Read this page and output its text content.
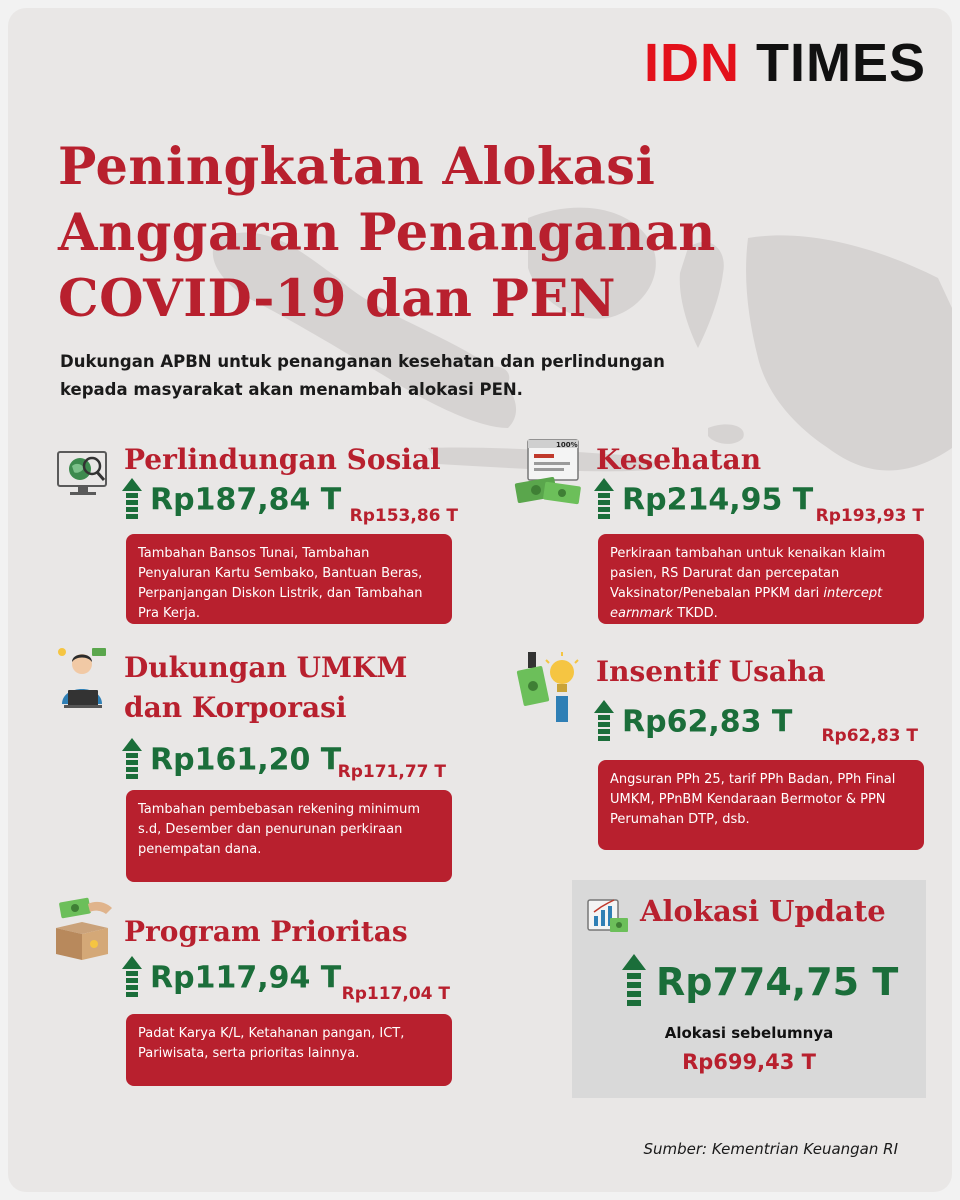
IDN TIMES
Peningkatan Alokasi
Anggaran Penanganan
COVID-19 dan PEN
Dukungan APBN untuk penanganan kesehatan dan perlindungan
kepada masyarakat akan menambah alokasi PEN.
Perlindungan Sosial
Rp187,84 T Rp153,86 T
Tambahan Bansos Tunai, Tambahan Penyaluran Kartu Sembako, Bantuan Beras, Perpanjangan Diskon Listrik, dan Tambahan Pra Kerja.
100% Kesehatan
Rp214,95 T Rp193,93 T
Perkiraan tambahan untuk kenaikan klaim pasien, RS Darurat dan percepatan Vaksinator/Penebalan PPKM dari intercept earnmark TKDD.
Dukungan UMKM
dan Korporasi
Rp161,20 T
Rp171,77 T
Tambahan pembebasan rekening minimum s.d, Desember dan penurunan perkiraan penempatan dana.
Insentif Usaha
Rp62,83 T	Rp62,83 T
Angsuran PPh 25, tarif PPh Badan, PPh Final UMKM, PPnBM Kendaraan Bermotor & PPN Perumahan DTP, dsb.
Program Prioritas
Rp117,94 T Rp117,04 T
Padat Karya K/L, Ketahanan pangan, ICT, Pariwisata, serta prioritas lainnya.
Alokasi Update
Rp774,75 T
Alokasi sebelumnya
Rp699,43 T
Sumber: Kementrian Keuangan RI
